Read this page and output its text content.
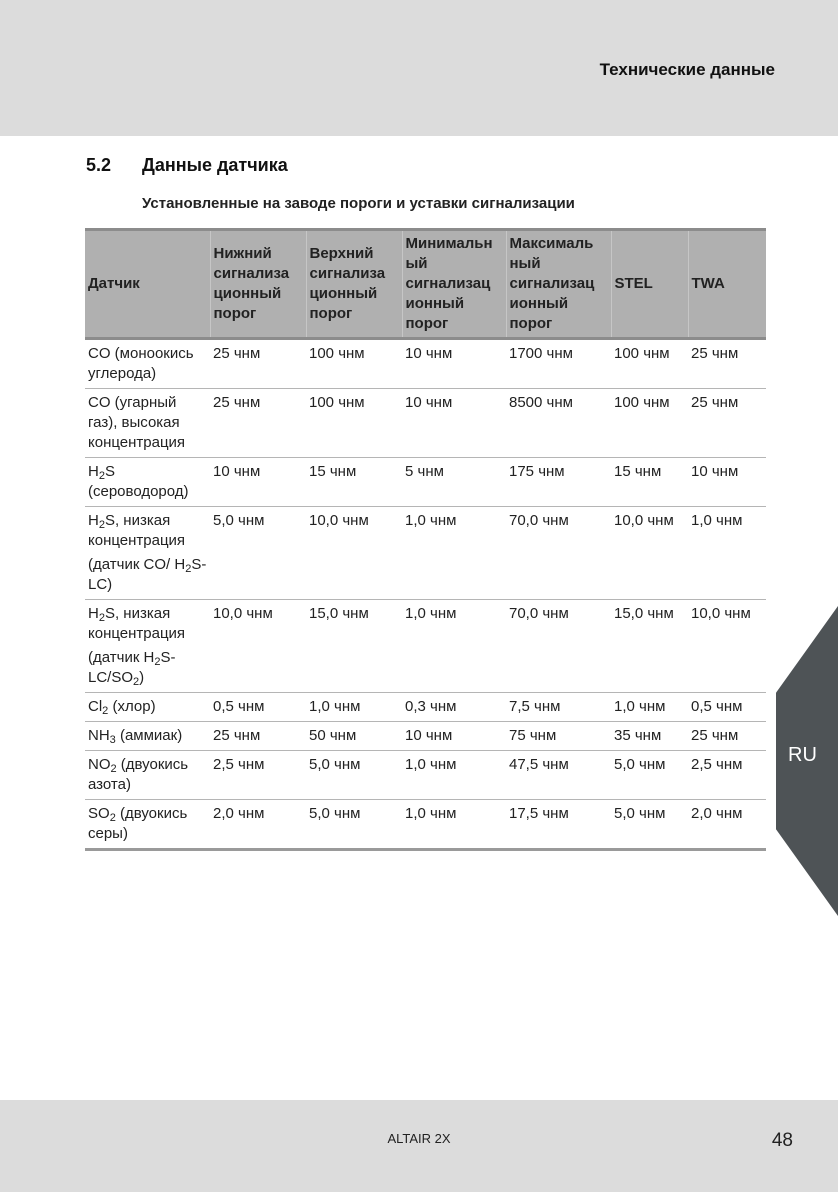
Технические данные
5.2 Данные датчика
Установленные на заводе пороги и уставки сигнализации
Датчик	Нижний
сигнализа
ционный
порог	Верхний
сигнализа
ционный
порог	Минимальн
ый
сигнализац
ионный
порог	Максималь
ный
сигнализац
ионный
порог	STEL	TWA

CO (моноокись углерода)	25 чнм	100 чнм	10 чнм	1700 чнм	100 чнм	25 чнм

CO (угарный газ), высокая концентрация	25 чнм	100 чнм	10 чнм	8500 чнм	100 чнм	25 чнм

$H_2S$ (сероводород)	10 чнм	15 чнм	5 чнм	175 чнм	15 чнм	10 чнм

$H_2S$, низкая концентрация
(датчик CO/ $H_2S-LC$)	5,0 чнм	10,0 чнм	1,0 чнм	70,0 чнм	10,0 чнм	1,0 чнм

$H_2S$, низкая концентрация
(датчик $H_2S-LC/SO_2$)	10,0 чнм	15,0 чнм	1,0 чнм	70,0 чнм	15,0 чнм	10,0 чнм

$Cl_2$ (хлор)	0,5 чнм	1,0 чнм	0,3 чнм	7,5 чнм	1,0 чнм	0,5 чнм

$NH_3$ (аммиак)	25 чнм	50 чнм	10 чнм	75 чнм	35 чнм	25 чнм

$NO_2$ (двуокись азота)	2,5 чнм	5,0 чнм	1,0 чнм	47,5 чнм	5,0 чнм	2,5 чнм

$SO_2$ (двуокись серы)	2,0 чнм	5,0 чнм	1,0 чнм	17,5 чнм	5,0 чнм	2,0 чнм
RU
ALTAIR 2X	48
